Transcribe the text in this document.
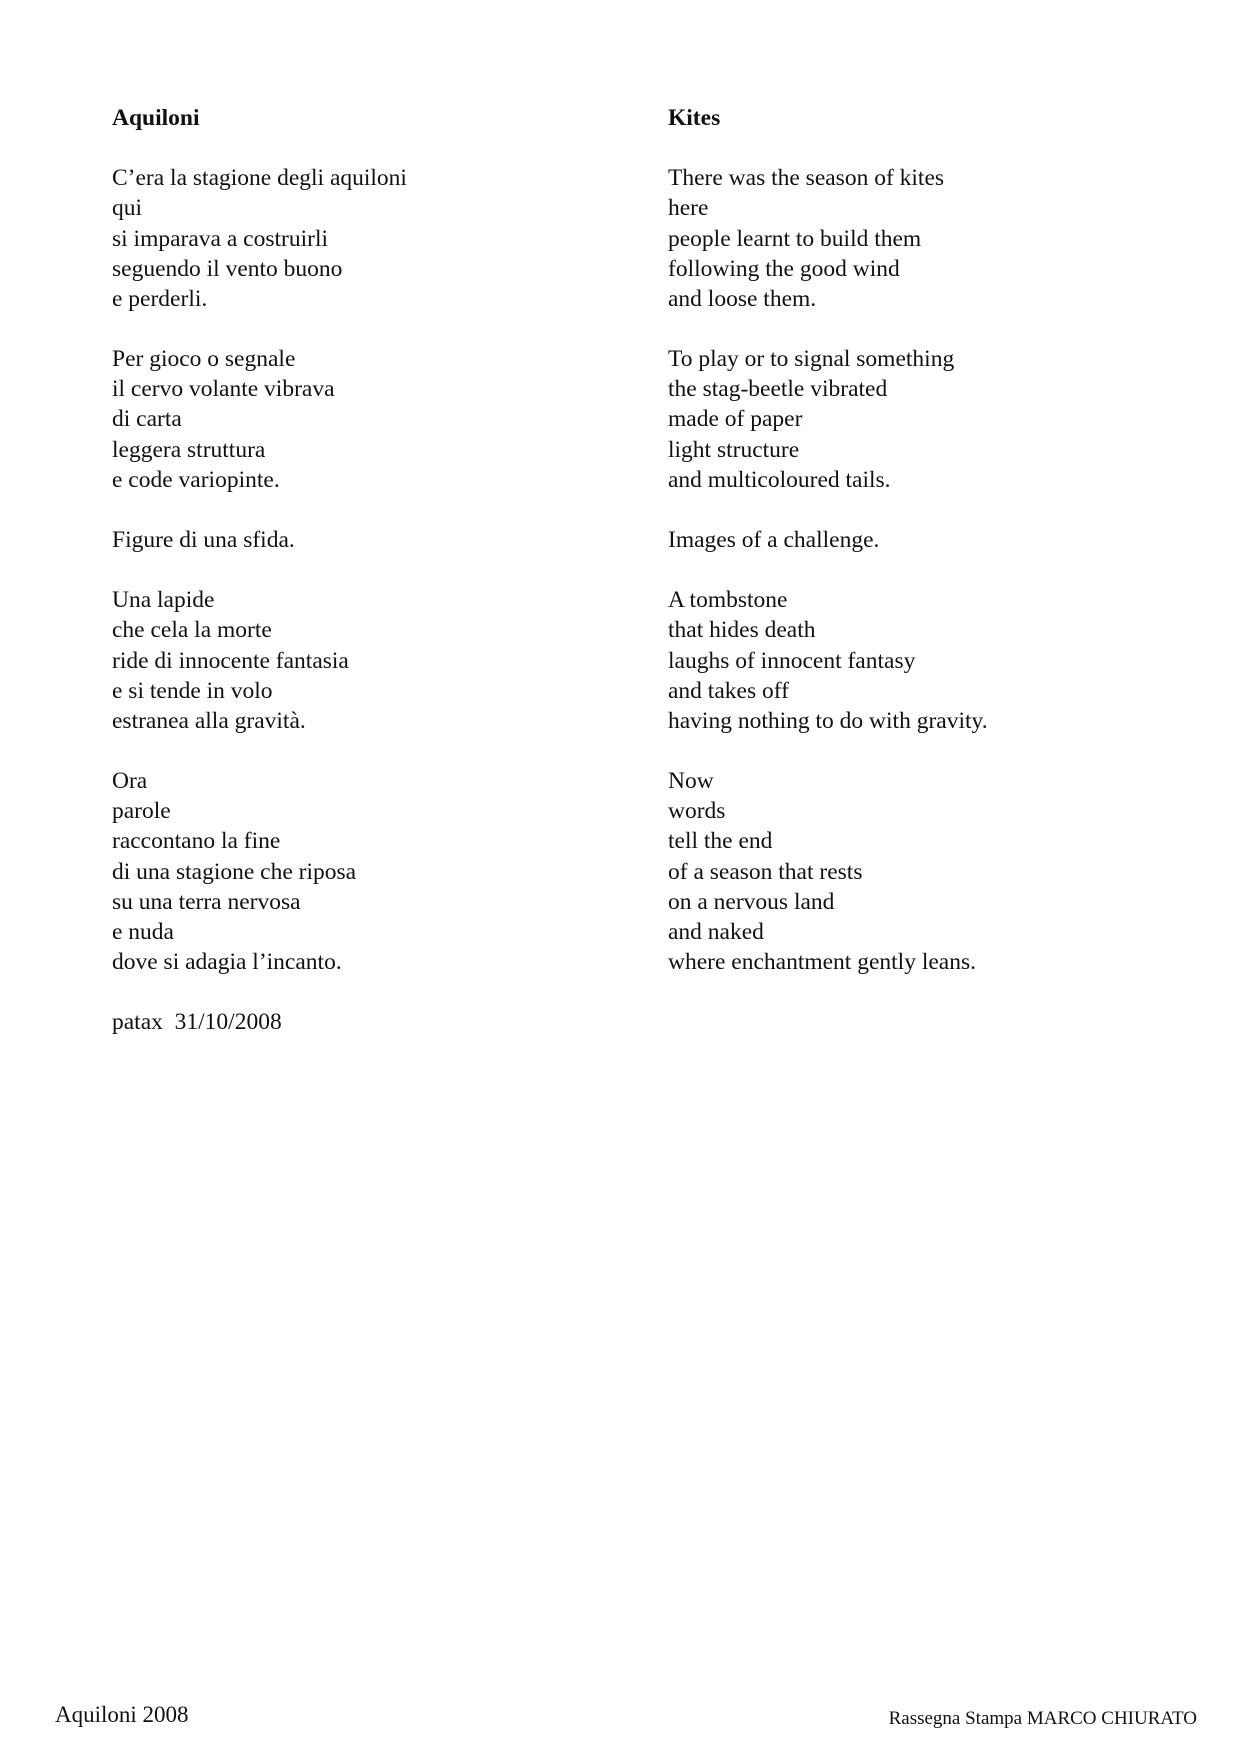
Aquiloni
C’era la stagione degli aquiloni
qui
si imparava a costruirli
seguendo il vento buono
e perderli.
Per gioco o segnale
il cervo volante vibrava
di carta
leggera struttura
e code variopinte.
Figure di una sfida.
Una lapide
che cela la morte
ride di innocente fantasia
e si tende in volo
estranea alla gravità.
Ora
parole
raccontano la fine
di una stagione che riposa
su una terra nervosa
e nuda
dove si adagia l’incanto.
patax  31/10/2008
Kites
There was the season of kites
here
people learnt to build them
following the good wind
and loose them.
To play or to signal something
the stag-beetle vibrated
made of paper
light structure
and multicoloured tails.
Images of a challenge.
A tombstone
that hides death
laughs of innocent fantasy
and takes off
having nothing to do with gravity.
Now
words
tell the end
of a season that rests
on a nervous land
and naked
where enchantment gently leans.
Aquiloni 2008	Rassegna Stampa MARCO CHIURATO
